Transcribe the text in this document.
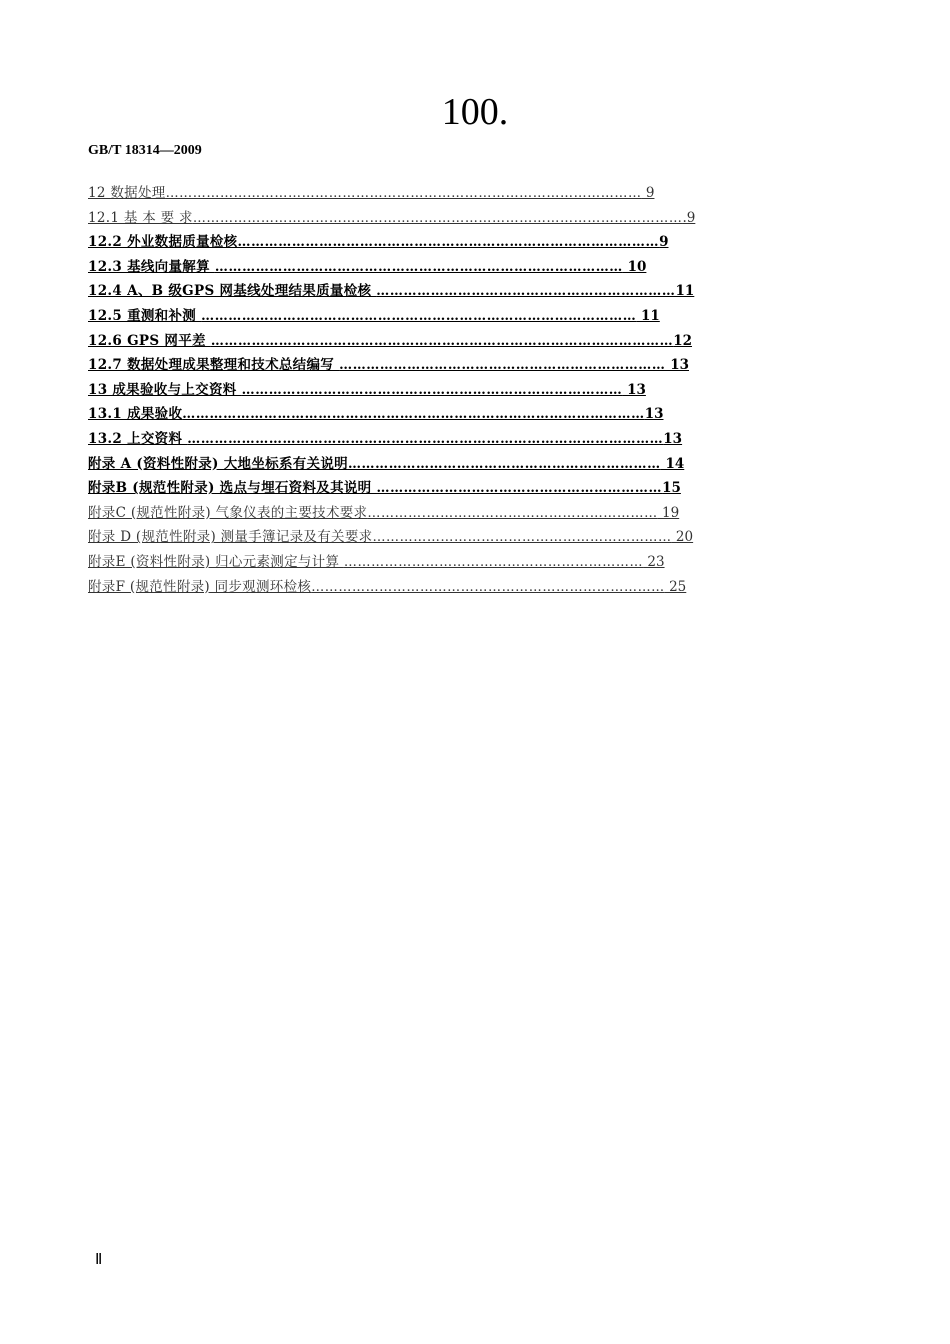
100.
GB/T 18314—2009
12 数据处理…………………………………………………………………………………………… 9
12.1 基 本 要 求……………………………………………………………………………………………….9
12.2 外业数据质量检核…………………………………………………………………………………9
12.3 基线向量解算 ……………………………………………………………………………… 10
12.4 A、B 级GPS 网基线处理结果质量检核 …………………………………………………………11
12.5 重测和补测 …………………………………………………………………………………… 11
12.6 GPS 网平差 …………………………………………………………………………………………12
12.7 数据处理成果整理和技术总结编写 ……………………………………………………………… 13
13 成果验收与上交资料 ………………………………………………………………………… 13
13.1 成果验收…………………………………………………………………………………………13
13.2 上交资料 ……………………………………………………………………………………………13
附录 A (资料性附录) 大地坐标系有关说明…………………………………………………………… 14
附录B (规范性附录) 选点与埋石资料及其说明 ………………………………………………………15
附录C (规范性附录) 气象仪表的主要技术要求………….…………………………………………… 19
附录 D (规范性附录) 测量手簿记录及有关要求………………………………………………………… 20
附录E (资料性附录) 归心元素测定与计算 ………………………………………………………… 23
附录F (规范性附录) 同步观测环检核…………………………………………………………………… 25
Ⅱ
